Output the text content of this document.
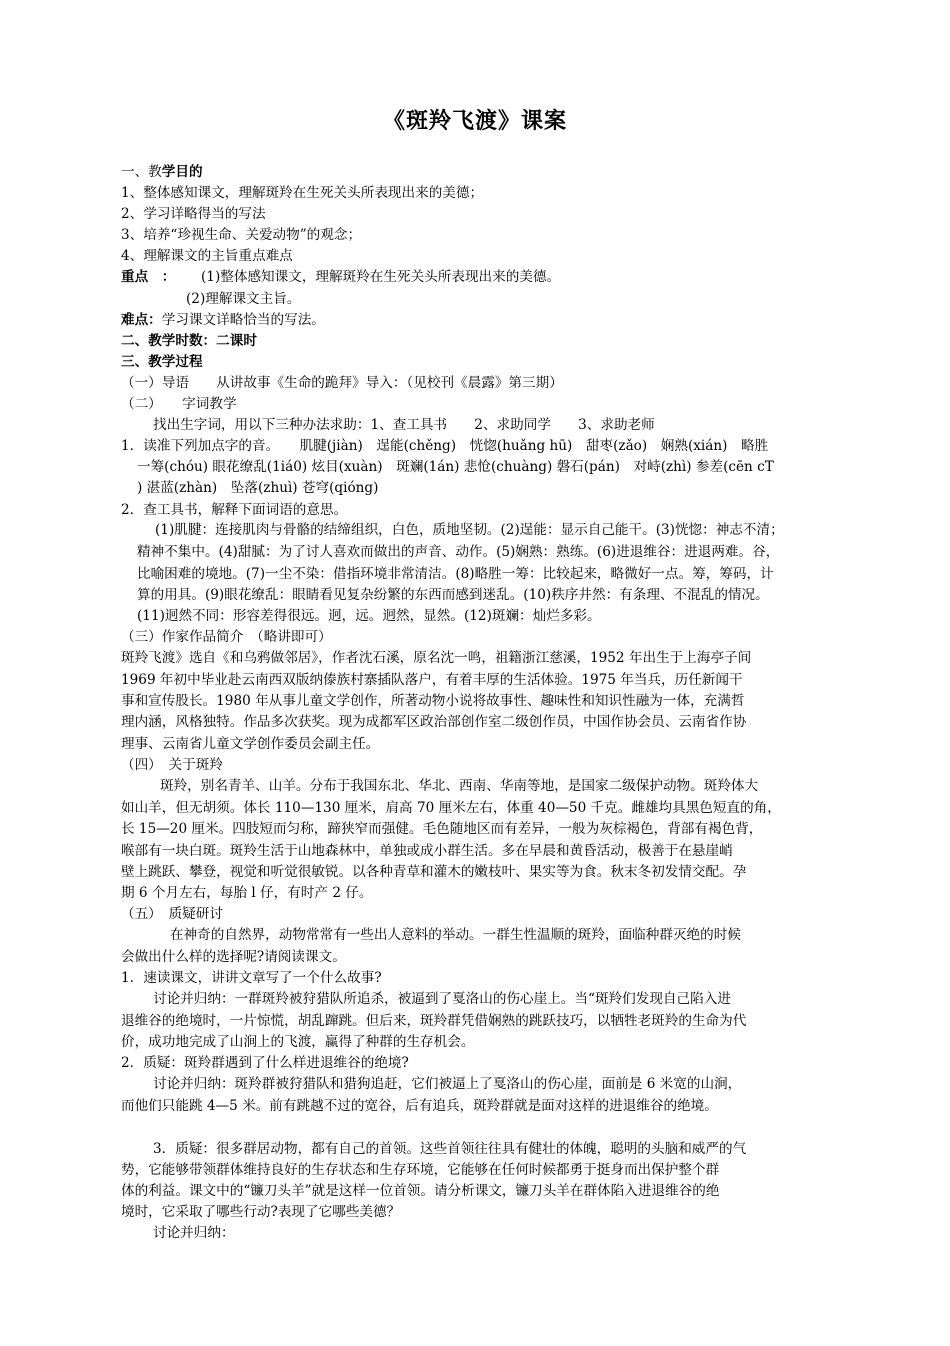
《斑羚飞渡》课案
一、教学目的
1、整体感知课文，理解斑羚在生死关头所表现出来的美德；
2、学习详略得当的写法
3、培养“珍视生命、关爱动物”的观念；
4、理解课文的主旨重点难点
重点　： (1)整体感知课文，理解斑羚在生死关头所表现出来的美德。
(2)理解课文主旨。
难点：学习课文详略恰当的写法。
二、教学时数：二课时
三、教学过程
（一）导语　　从讲故事《生命的跪拜》导入：（见校刊《晨露》第三期）
（二）　　字词教学
找出生字词，用以下三种办法求助：1、查工具书　　2、求助同学　　3、求助老师
1．读准下列加点字的音。　　肌腱(jiàn)　逞能(chěng)　恍惚(huǎng hū)　甜枣(zǎo)　娴熟(xián)　略胜
一筹(chóu) 眼花缭乱(1iá0) 炫目(xuàn)　斑斓(1án) 悲怆(chuàng) 磐石(pán)　对峙(zhì) 参差(cēn cT
) 湛蓝(zhàn)　坠落(zhuì) 苍穹(qióng)
2．查工具书，解释下面词语的意思。
(1)肌腱：连接肌肉与骨骼的结缔组织，白色，质地坚韧。(2)逞能：显示自己能干。(3)恍惚：神志不清；
精神不集中。(4)甜腻：为了讨人喜欢而做出的声音、动作。(5)娴熟：熟练。(6)进退维谷：进退两难。谷，
比喻困难的境地。(7)一尘不染：借指环境非常清洁。(8)略胜一筹：比较起来，略微好一点。筹，筹码，计
算的用具。(9)眼花缭乱：眼睛看见复杂纷繁的东西而感到迷乱。(10)秩序井然：有条理、不混乱的情况。
(11)迥然不同：形容差得很远。迥，远。迥然，显然。(12)斑斓：灿烂多彩。
（三）作家作品简介　（略讲即可）
斑羚飞渡》选自《和乌鸦做邻居》，作者沈石溪，原名沈一鸣，祖籍浙江慈溪，1952 年出生于上海亭子间
1969 年初中毕业赴云南西双版纳傣族村寨插队落户，有着丰厚的生活体验。1975 年当兵，历任新闻干
事和宣传股长。1980 年从事儿童文学创作，所著动物小说将故事性、趣味性和知识性融为一体，充满哲
理内涵，风格独特。作品多次获奖。现为成都军区政治部创作室二级创作员，中国作协会员、云南省作协
理事、云南省儿童文学创作委员会副主任。
（四）　关于斑羚
斑羚，别名青羊、山羊。分布于我国东北、华北、西南、华南等地，是国家二级保护动物。斑羚体大
如山羊，但无胡须。体长 110—130 厘米，肩高 70 厘米左右，体重 40—50 千克。雌雄均具黑色短直的角，
长 15—20 厘米。四肢短而匀称，蹄狭窄而强健。毛色随地区而有差异，一般为灰棕褐色，背部有褐色背，
喉部有一块白斑。斑羚生活于山地森林中，单独或成小群生活。多在早晨和黄昏活动，极善于在悬崖峭
壁上跳跃、攀登，视觉和听觉很敏锐。以各种青草和灌木的嫩枝叶、果实等为食。秋末冬初发情交配。孕
期 6 个月左右，每胎 l 仔，有时产 2 仔。
（五）　质疑研讨
在神奇的自然界，动物常常有一些出人意料的举动。一群生性温顺的斑羚，面临种群灭绝的时候
会做出什么样的选择呢?请阅读课文。
1．速读课文，讲讲文章写了一个什么故事?
讨论并归纳：一群斑羚被狩猎队所追杀，被逼到了戛洛山的伤心崖上。当“斑羚们发现自己陷入进
退维谷的绝境时，一片惊慌，胡乱蹿跳。但后来，斑羚群凭借娴熟的跳跃技巧，以牺牲老斑羚的生命为代
价，成功地完成了山涧上的飞渡，赢得了种群的生存机会。
2．质疑：斑羚群遇到了什么样进退维谷的绝境?
讨论并归纳：斑羚群被狩猎队和猎狗追赶，它们被逼上了戛洛山的伤心崖，面前是 6 米宽的山涧，
而他们只能跳 4—5 米。前有跳越不过的宽谷，后有追兵，斑羚群就是面对这样的进退维谷的绝境。
3．质疑：很多群居动物，都有自己的首领。这些首领往往具有健壮的体魄，聪明的头脑和威严的气
势，它能够带领群体维持良好的生存状态和生存环境，它能够在任何时候都勇于挺身而出保护整个群
体的利益。课文中的“镰刀头羊”就是这样一位首领。请分析课文，镰刀头羊在群体陷入进退维谷的绝
境时，它采取了哪些行动?表现了它哪些美德？
讨论并归纳：
